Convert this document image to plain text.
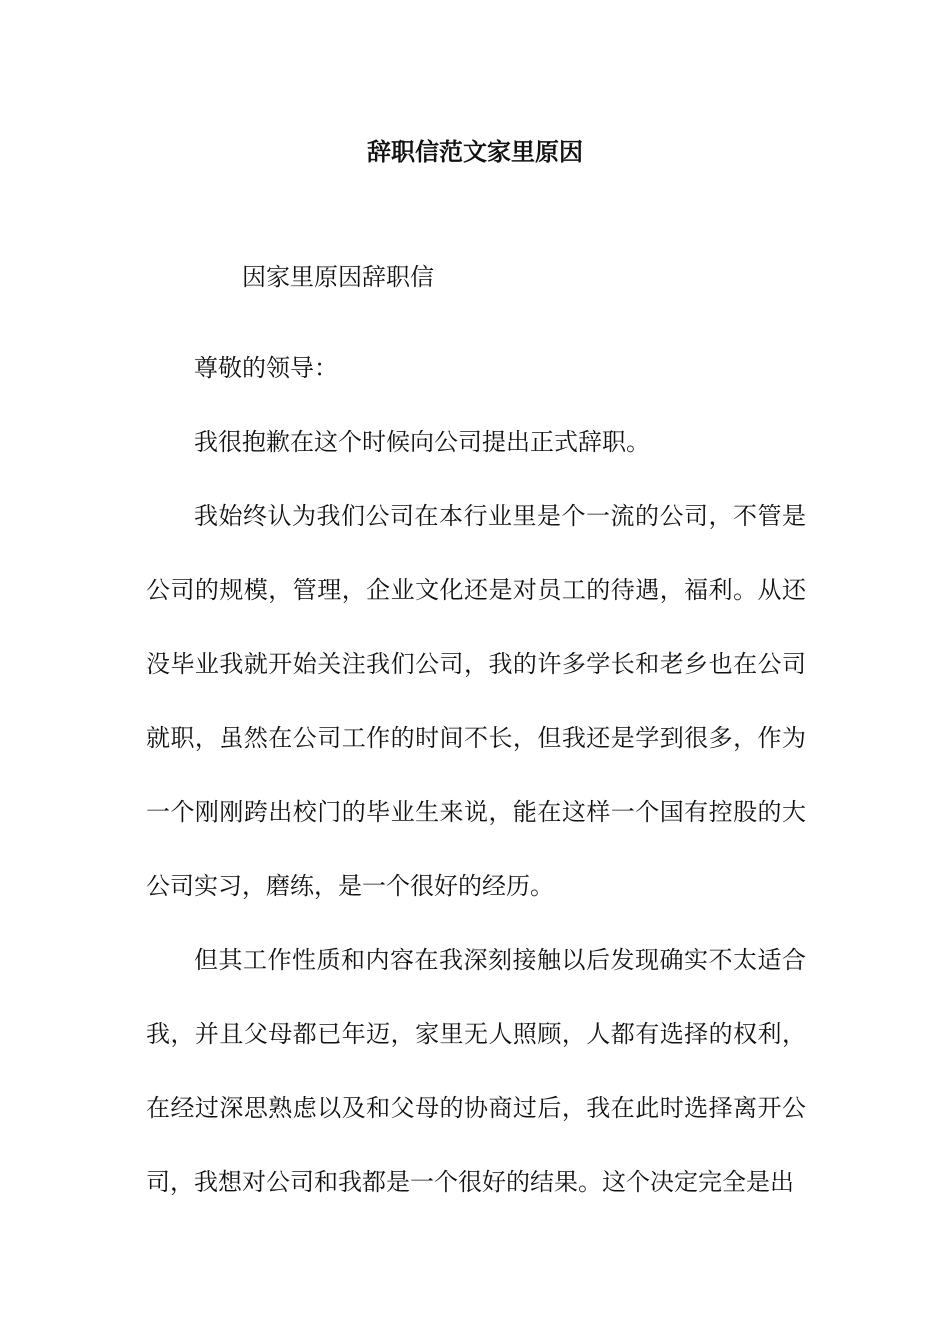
辞职信范文家里原因
因家里原因辞职信

尊敬的领导：

我很抱歉在这个时候向公司提出正式辞职。

我始终认为我们公司在本行业里是个一流的公司，不管是公司的规模，管理，企业文化还是对员工的待遇，福利。从还没毕业我就开始关注我们公司，我的许多学长和老乡也在公司就职，虽然在公司工作的时间不长，但我还是学到很多，作为一个刚刚跨出校门的毕业生来说，能在这样一个国有控股的大公司实习，磨练，是一个很好的经历。

但其工作性质和内容在我深刻接触以后发现确实不太适合我，并且父母都已年迈，家里无人照顾，人都有选择的权利，在经过深思熟虑以及和父母的协商过后，我在此时选择离开公司，我想对公司和我都是一个很好的结果。这个决定完全是出
